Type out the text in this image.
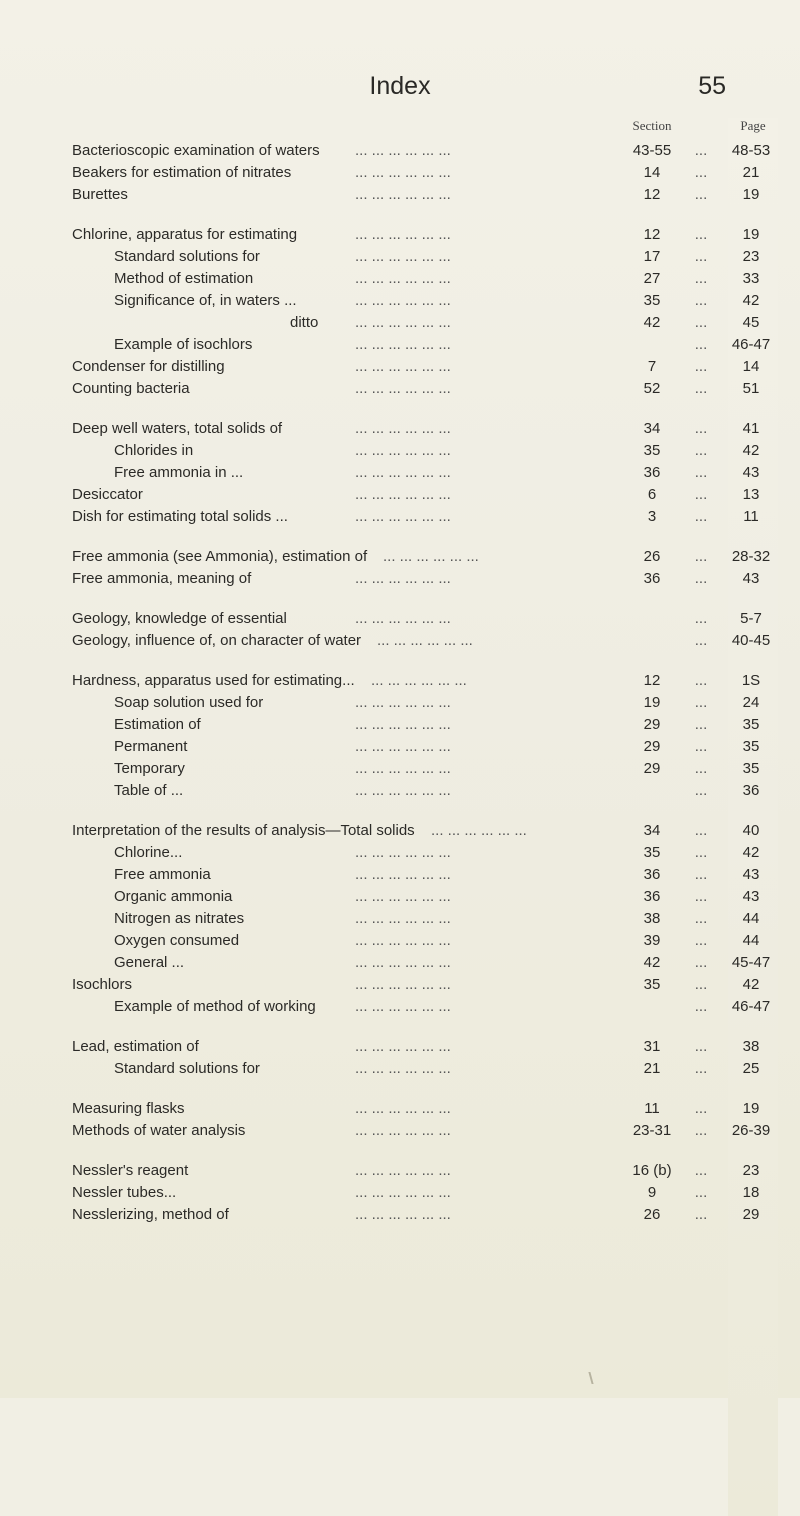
Index	55
Section	Page
Bacterioscopic examination of waters ... ... ... ... ... ...	43-55	...	48-53
Beakers for estimation of nitrates	... ... ... ... ... ...	14	...	21
Burettes	... ... ... ... ... ...	12	...	19
Chlorine, apparatus for estimating	... ... ... ... ... ...	12	...	19
Standard solutions for	... ... ... ... ... ...	17	...	23
Method of estimation	... ... ... ... ... ...	27	...	33
Significance of, in waters ...	... ... ... ... ... ...	35	...	42
ditto ... ... ... ... ... ...	42	...	45
Example of isochlors	... ... ... ... ... ...	...	46-47
Condenser for distilling	... ... ... ... ... ...	7	...	14
Counting bacteria	... ... ... ... ... ...	52	...	51
Deep well waters, total solids of	... ... ... ... ... ...	34	...	41
Chlorides in	... ... ... ... ... ...	35	...	42
Free ammonia in ...	... ... ... ... ... ...	36	...	43
Desiccator	... ... ... ... ... ...	6	...	13
Dish for estimating total solids ...	... ... ... ... ... ...	3	...	11
Free ammonia (see Ammonia), estimation of ... ... ... ... ... ...	26	...	28-32
Free ammonia, meaning of	... ... ... ... ... ...	36	...	43
Geology, knowledge of essential	... ... ... ... ... ...	...	5-7
Geology, influence of, on character of water ... ... ... ... ... ...	...	40-45
Hardness, apparatus used for estimating... ... ... ... ... ... ...	12	...	1S
Soap solution used for	... ... ... ... ... ...	19	...	24
Estimation of	... ... ... ... ... ...	29	...	35
Permanent	... ... ... ... ... ...	29	...	35
Temporary	... ... ... ... ... ...	29	...	35
Table of ...	... ... ... ... ... ...	...	36
Interpretation of the results of analysis—Total solids ... ... ... ... ... ...	34	...	40
Chlorine...	... ... ... ... ... ...	35	...	42
Free ammonia	... ... ... ... ... ...	36	...	43
Organic ammonia	... ... ... ... ... ...	36	...	43
Nitrogen as nitrates	... ... ... ... ... ...	38	...	44
Oxygen consumed	... ... ... ... ... ...	39	...	44
General ...	... ... ... ... ... ...	42	...	45-47
Isochlors	... ... ... ... ... ...	35	...	42
Example of method of working	... ... ... ... ... ...	...	46-47
Lead, estimation of	... ... ... ... ... ...	31	...	38
Standard solutions for	... ... ... ... ... ...	21	...	25
Measuring flasks	... ... ... ... ... ...	11	...	19
Methods of water analysis	... ... ... ... ... ...	23-31	...	26-39
Nessler's reagent	... ... ... ... ... ...	16 (b)	...	23
Nessler tubes...	... ... ... ... ... ...	9	...	18
Nesslerizing, method of	... ... ... ... ... ...	26	...	29
